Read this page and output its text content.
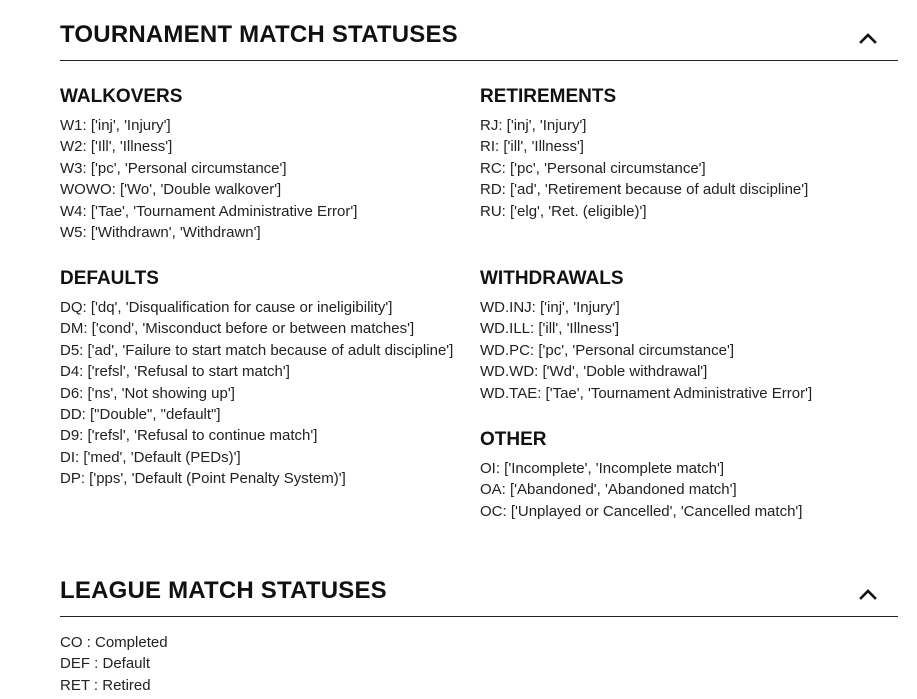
TOURNAMENT MATCH STATUSES
WALKOVERS
W1: ['inj', 'Injury']
W2: ['Ill', 'Illness']
W3: ['pc', 'Personal circumstance']
WOWO: ['Wo', 'Double walkover']
W4: ['Tae', 'Tournament Administrative Error']
W5: ['Withdrawn', 'Withdrawn']
DEFAULTS
DQ: ['dq', 'Disqualification for cause or ineligibility']
DM: ['cond', 'Misconduct before or between matches']
D5: ['ad', 'Failure to start match because of adult discipline']
D4: ['refsl', 'Refusal to start match']
D6: ['ns', 'Not showing up']
DD: ["Double", "default"]
D9: ['refsl', 'Refusal to continue match']
DI: ['med', 'Default (PEDs)']
DP: ['pps', 'Default (Point Penalty System)']
RETIREMENTS
RJ: ['inj', 'Injury']
RI: ['ill', 'Illness']
RC: ['pc', 'Personal circumstance']
RD: ['ad', 'Retirement because of adult discipline']
RU: ['elg', 'Ret. (eligible)']
WITHDRAWALS
WD.INJ: ['inj', 'Injury']
WD.ILL: ['ill', 'Illness']
WD.PC: ['pc', 'Personal circumstance']
WD.WD: ['Wd', 'Doble withdrawal']
WD.TAE: ['Tae', 'Tournament Administrative Error']
OTHER
OI: ['Incomplete', 'Incomplete match']
OA: ['Abandoned', 'Abandoned match']
OC: ['Unplayed or Cancelled', 'Cancelled match']
LEAGUE MATCH STATUSES
CO : Completed
DEF : Default
RET : Retired
